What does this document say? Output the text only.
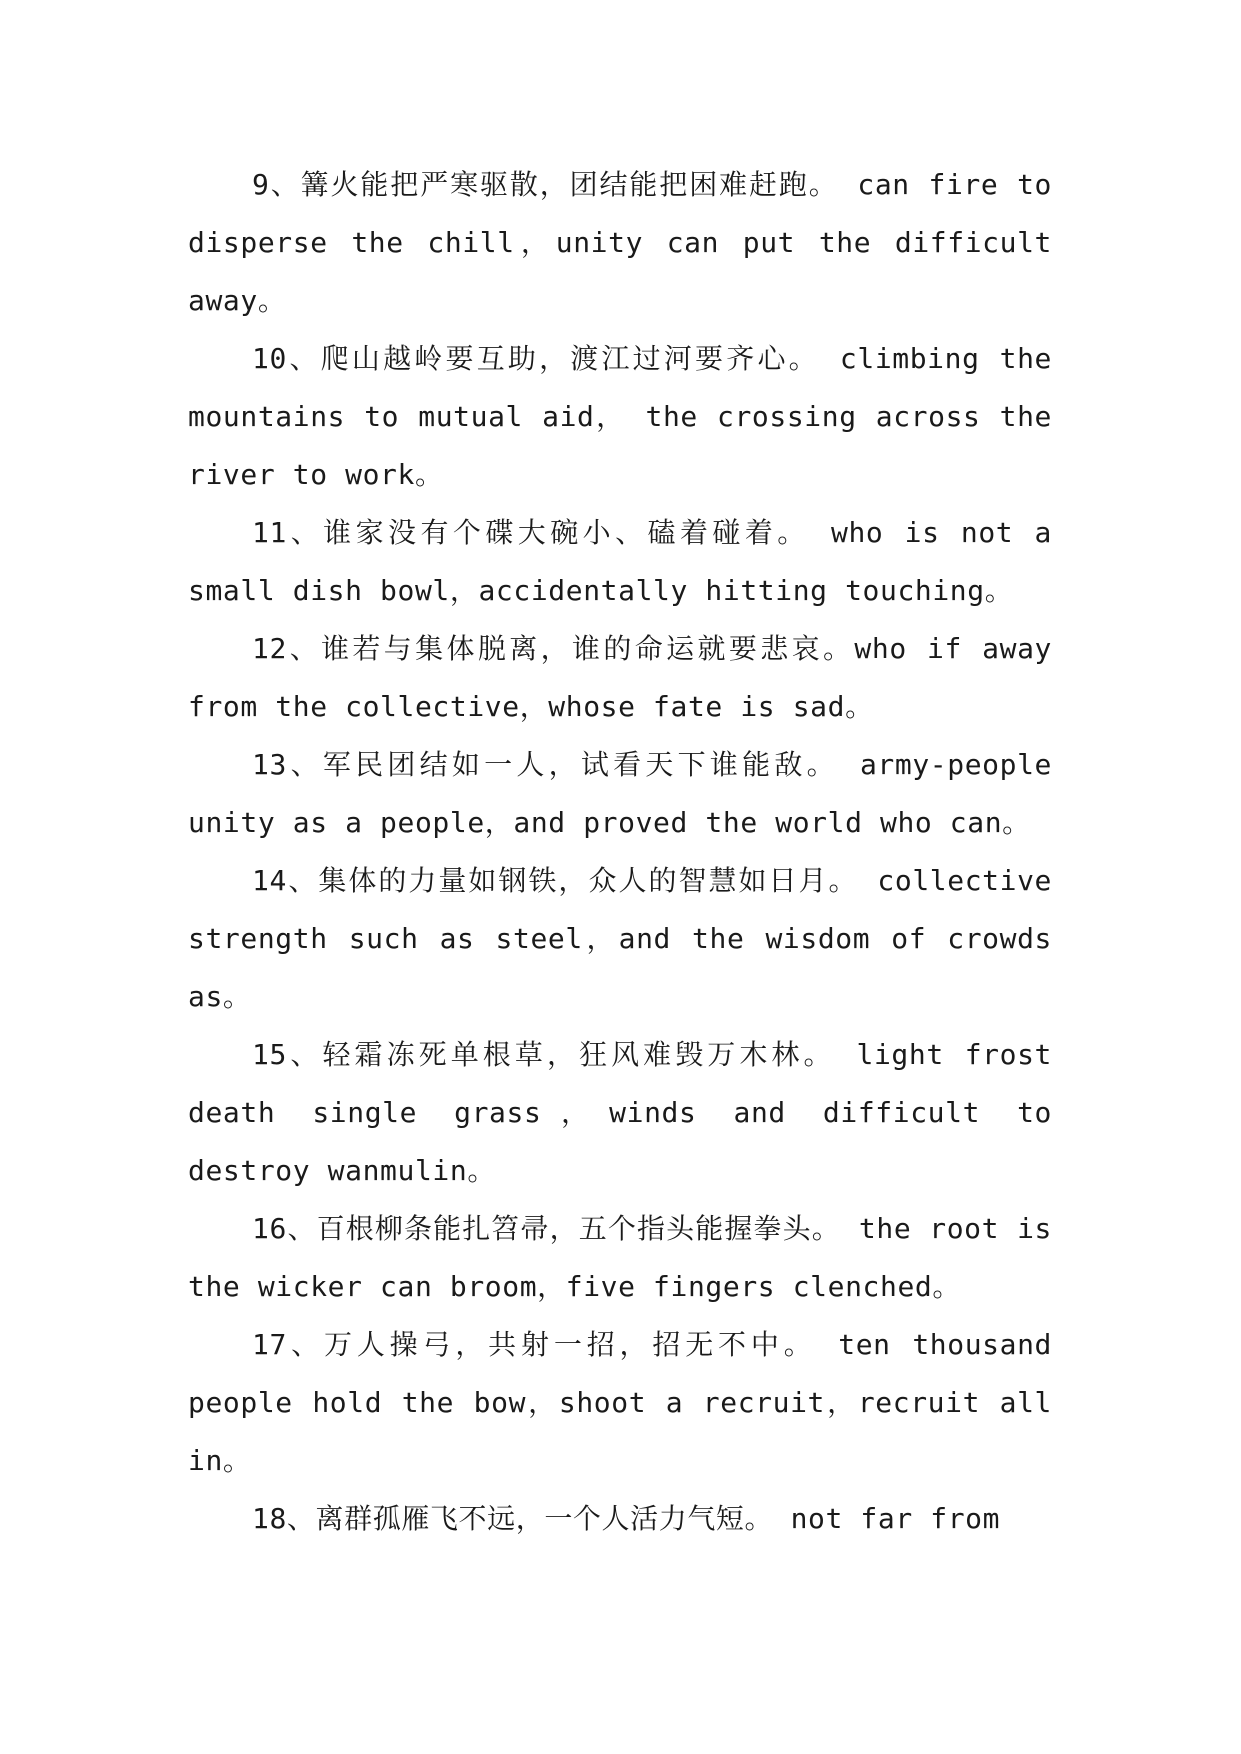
9、篝火能把严寒驱散，团结能把困难赶跑。 can fire to disperse the chill，unity can put the difficult away。

10、爬山越岭要互助，渡江过河要齐心。 climbing the mountains to mutual aid， the crossing across the river to work。

11、谁家没有个碟大碗小、磕着碰着。 who is not a small dish bowl，accidentally hitting touching。

12、谁若与集体脱离，谁的命运就要悲哀。who if away from the collective，whose fate is sad。

13、军民团结如一人，试看天下谁能敌。 army-people unity as a people，and proved the world who can。

14、集体的力量如钢铁，众人的智慧如日月。 collective strength such as steel，and the wisdom of crowds as。

15、轻霜冻死单根草，狂风难毁万木林。 light frost death single grass，winds and difficult to destroy wanmulin。

16、百根柳条能扎笤帚，五个指头能握拳头。 the root is the wicker can broom，five fingers clenched。

17、万人操弓，共射一招，招无不中。 ten thousand people hold the bow，shoot a recruit，recruit all in。

18、离群孤雁飞不远，一个人活力气短。 not far from
